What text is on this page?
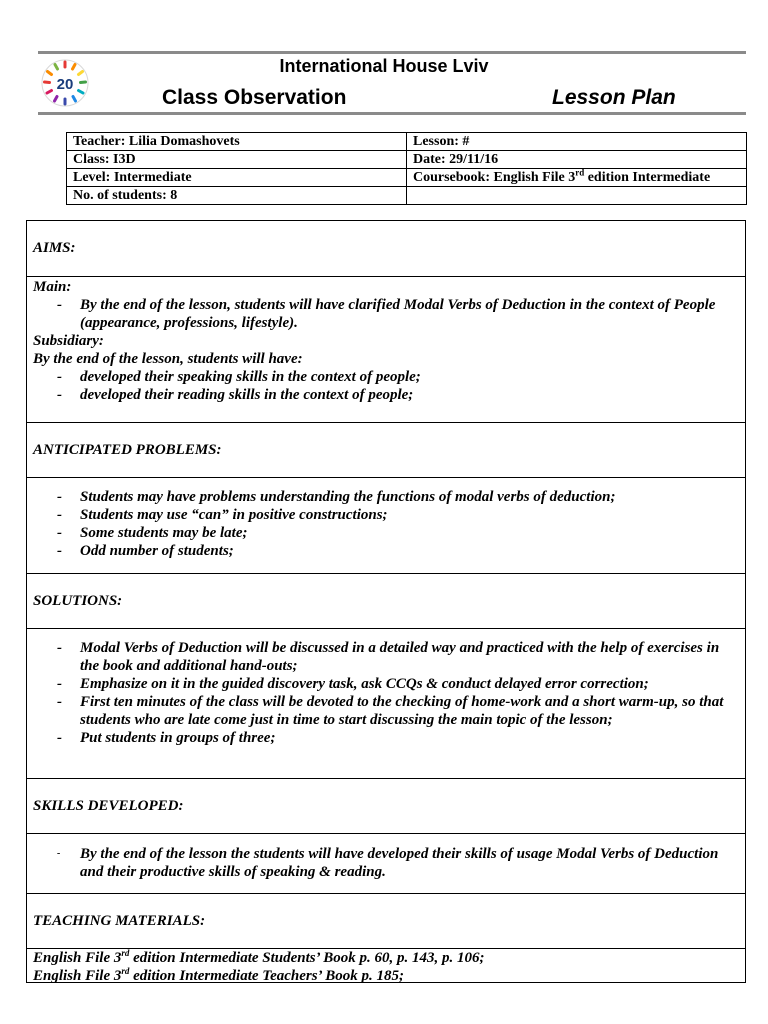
20
International House Lviv
Class Observation	Lesson Plan
Teacher: Lilia Domashovets	Lesson: #
Class: I3D	Date: 29/11/16
Level: Intermediate	Coursebook: English File 3rd edition Intermediate
No. of students: 8	
AIMS:
Main:
- By the end of the lesson, students will have clarified Modal Verbs of Deduction in the context of People (appearance, professions, lifestyle).
Subsidiary:
By the end of the lesson, students will have:
- developed their speaking skills in the context of people;
- developed their reading skills in the context of people;
ANTICIPATED PROBLEMS:
- Students may have problems understanding the functions of modal verbs of deduction;
- Students may use “can” in positive constructions;
- Some students may be late;
- Odd number of students;
SOLUTIONS:
- Modal Verbs of Deduction will be discussed in a detailed way and practiced with the help of exercises in the book and additional hand-outs;
- Emphasize on it in the guided discovery task, ask CCQs & conduct delayed error correction;
- First ten minutes of the class will be devoted to the checking of home-work and a short warm-up, so that students who are late come just in time to start discussing the main topic of the lesson;
- Put students in groups of three;
SKILLS DEVELOPED:
- By the end of the lesson the students will have developed their skills of usage Modal Verbs of Deduction and their productive skills of speaking & reading.
TEACHING MATERIALS:
English File 3rd edition Intermediate Students’ Book p. 60, p. 143, p. 106;
English File 3rd edition Intermediate Teachers’ Book p. 185;
